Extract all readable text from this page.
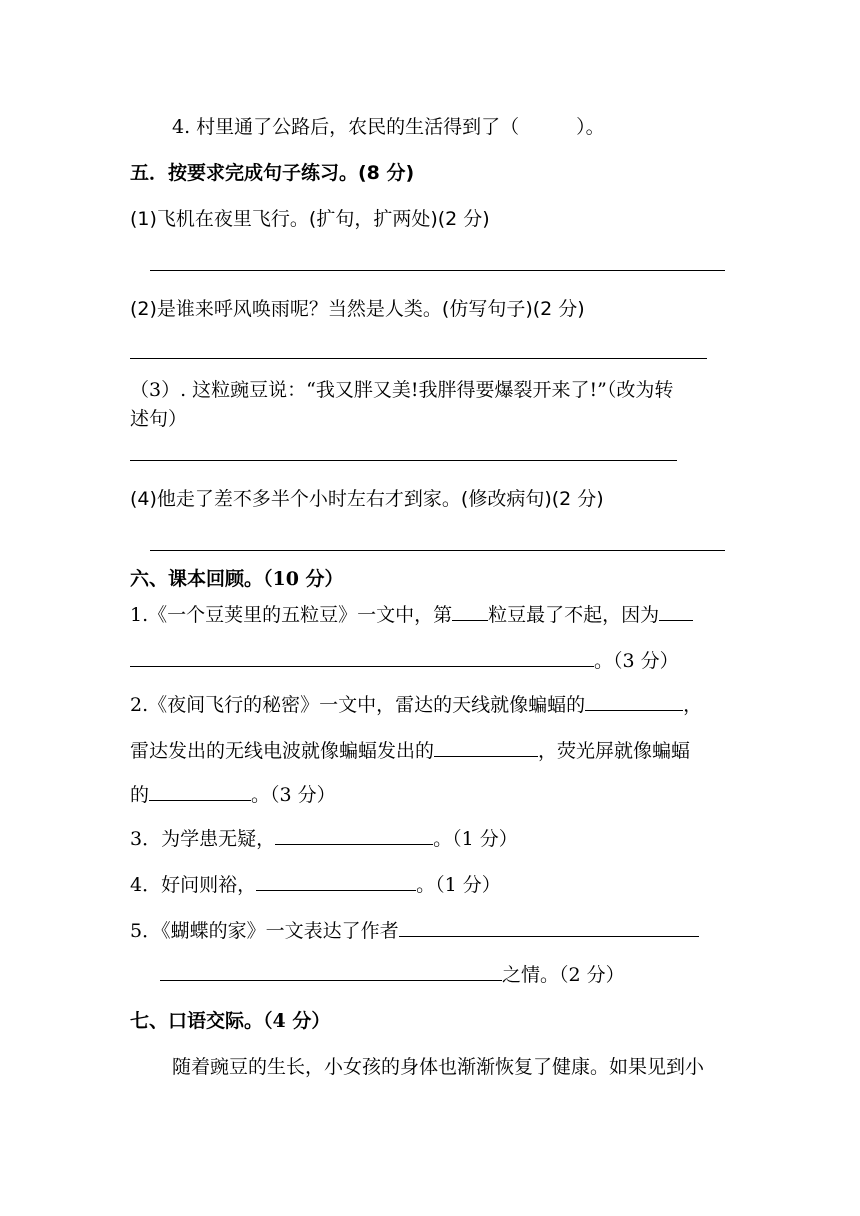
4. 村里通了公路后，农民的生活得到了（　　　）。
五．按要求完成句子练习。(8 分)
(1)飞机在夜里飞行。(扩句，扩两处)(2 分)
(2)是谁来呼风唤雨呢？当然是人类。(仿写句子)(2 分)
（3）. 这粒豌豆说：“我又胖又美!我胖得要爆裂开来了!”（改为转
述句）
(4)他走了差不多半个小时左右才到家。(修改病句)(2 分)
六、课本回顾。（10 分）
1.《一个豆荚里的五粒豆》一文中，第 粒豆最了不起，因为
。（3 分）
2.《夜间飞行的秘密》一文中，雷达的天线就像蝙蝠的	，
雷达发出的无线电波就像蝙蝠发出的	，荧光屏就像蝙蝠
的	。（3 分）
3．为学患无疑，	。（1 分）
4．好问则裕，	。（1 分）
5．《蝴蝶的家》一文表达了作者
之情。（2 分）
七、口语交际。（4 分）
随着豌豆的生长，小女孩的身体也渐渐恢复了健康。如果见到小
